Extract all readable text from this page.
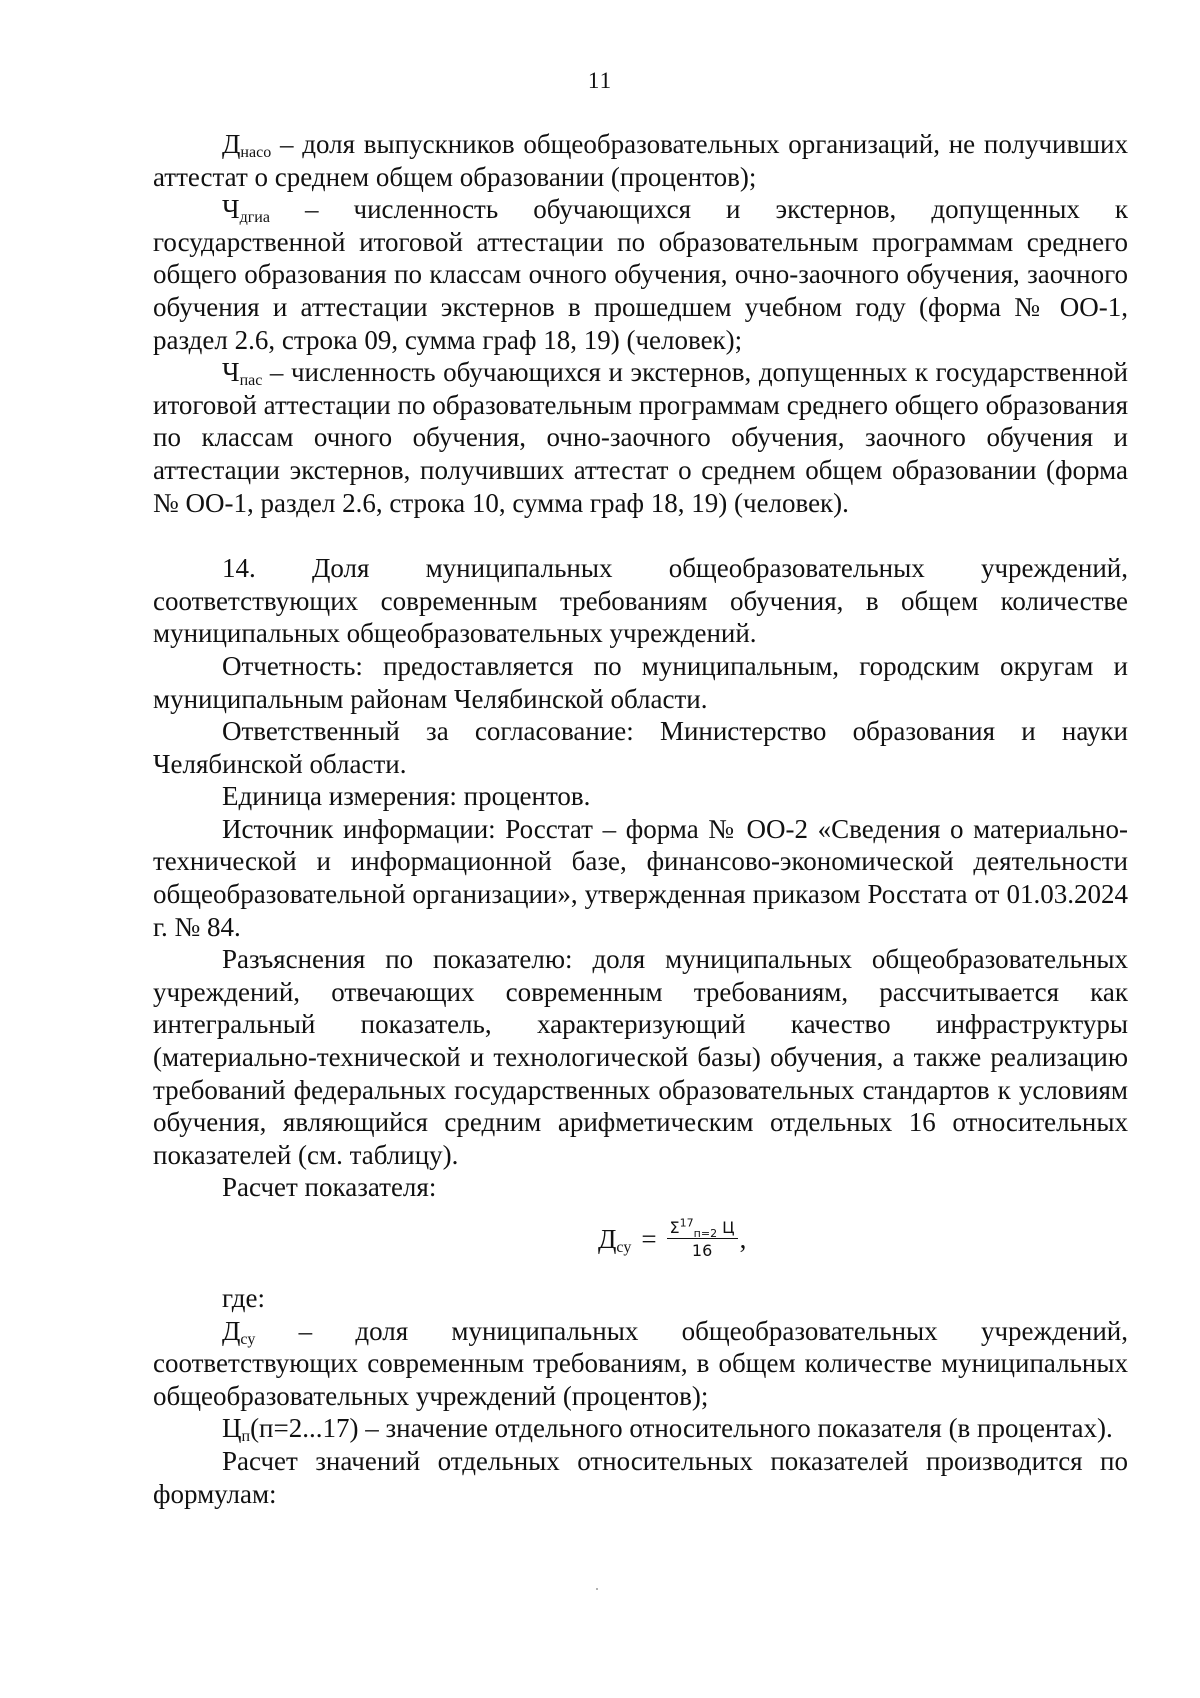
11

$Д_{насо}$ – доля выпускников общеобразовательных организаций, не получивших аттестат о среднем общем образовании (процентов);

$Ч_{дгиа}$ – численность обучающихся и экстернов, допущенных к государственной итоговой аттестации по образовательным программам среднего общего образования по классам очного обучения, очно-заочного обучения, заочного обучения и аттестации экстернов в прошедшем учебном году (форма № ОО-1, раздел 2.6, строка 09, сумма граф 18, 19) (человек);

$Ч_{пас}$ – численность обучающихся и экстернов, допущенных к государственной итоговой аттестации по образовательным программам среднего общего образования по классам очного обучения, очно-заочного обучения, заочного обучения и аттестации экстернов, получивших аттестат о среднем общем образовании (форма № ОО-1, раздел 2.6, строка 10, сумма граф 18, 19) (человек).

14. Доля муниципальных общеобразовательных учреждений, соответствующих современным требованиям обучения, в общем количестве муниципальных общеобразовательных учреждений.

Отчетность: предоставляется по муниципальным, городским округам и муниципальным районам Челябинской области.

Ответственный за согласование: Министерство образования и науки Челябинской области.

Единица измерения: процентов.

Источник информации: Росстат – форма № ОО-2 «Сведения о материально-технической и информационной базе, финансово-экономической деятельности общеобразовательной организации», утвержденная приказом Росстата от 01.03.2024 г. № 84.

Разъяснения по показателю: доля муниципальных общеобразовательных учреждений, отвечающих современным требованиям, рассчитывается как интегральный показатель, характеризующий качество инфраструктуры (материально-технической и технологической базы) обучения, а также реализацию требований федеральных государственных образовательных стандартов к условиям обучения, являющийся средним арифметическим отдельных 16 относительных показателей (см. таблицу).

Расчет показателя:

$Д_{су} = \frac{\Sigma^{17}_{п=2} Ц}{16}$ ,

где:

$Д_{су}$ – доля муниципальных общеобразовательных учреждений, соответствующих современным требованиям, в общем количестве муниципальных общеобразовательных учреждений (процентов);

$Ц_п(п=2...17)$ – значение отдельного относительного показателя (в процентах).

Расчет значений отдельных относительных показателей производится по формулам:
